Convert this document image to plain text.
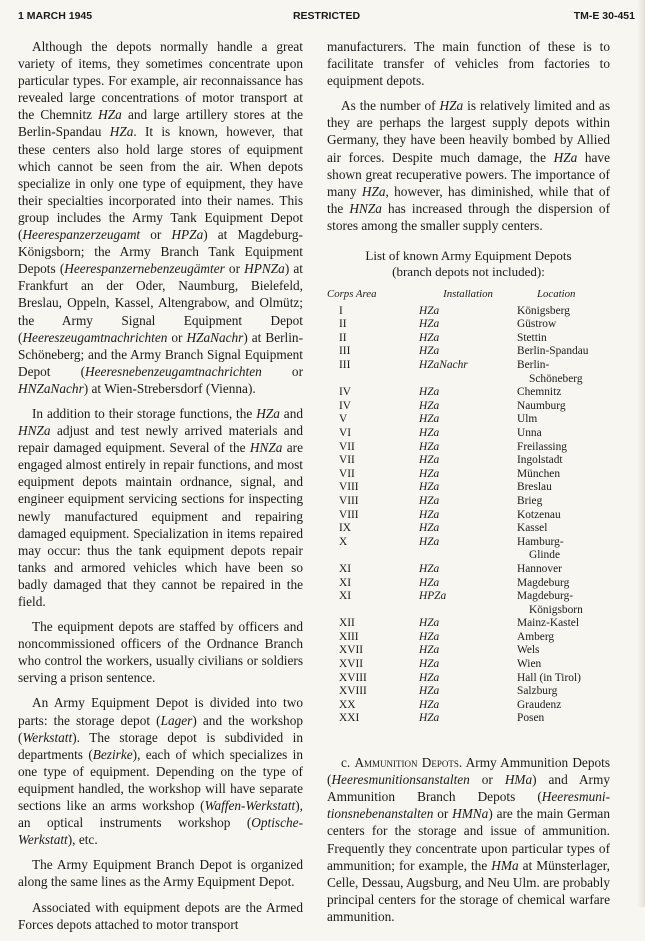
1 MARCH 1945	RESTRICTED	TM-E 30-451

Although the depots normally handle a great variety of items, they sometimes concentrate upon particular types. For example, air reconnaissance has revealed large concentrations of motor transport at the Chemnitz HZa and large artillery stores at the Berlin-Spandau HZa. It is known, however, that these centers also hold large stores of equipment which cannot be seen from the air. When depots specialize in only one type of equipment, they have their specialties incorporated into their names. This group includes the Army Tank Equipment Depot (Heerespanzerzeugamt or HPZa) at Magdeburg-Königsborn; the Army Branch Tank Equipment Depots (Heerespanzernebenzeugämter or HPNZa) at Frankfurt an der Oder, Naumburg, Bielefeld, Breslau, Oppeln, Kassel, Altengrabow, and Olmütz; the Army Signal Equipment Depot (Heereszeugamtnachrichten or HZaNachr) at Berlin-Schöneberg; and the Army Branch Signal Equipment Depot (Heeresnebenzeugamtnachrichten or HNZaNachr) at Wien-Strebersdorf (Vienna).

In addition to their storage functions, the HZa and HNZa adjust and test newly arrived materials and repair damaged equipment. Several of the HNZa are engaged almost entirely in repair functions, and most equipment depots maintain ordnance, signal, and engineer equipment servicing sections for inspecting newly manufactured equipment and repairing damaged equipment. Specialization in items repaired may occur: thus the tank equipment depots repair tanks and armored vehicles which have been so badly damaged that they cannot be repaired in the field.

The equipment depots are staffed by officers and noncommissioned officers of the Ordnance Branch who control the workers, usually civilians or soldiers serving a prison sentence.

An Army Equipment Depot is divided into two parts: the storage depot (Lager) and the workshop (Werkstatt). The storage depot is subdivided in departments (Bezirke), each of which specializes in one type of equipment. Depending on the type of equipment handled, the workshop will have separate sections like an arms workshop (Waffen-Werkstatt), an optical instruments workshop (Optische-Werkstatt), etc.

The Army Equipment Branch Depot is organized along the same lines as the Army Equipment Depot.

Associated with equipment depots are the Armed Forces depots attached to motor transport

manufacturers. The main function of these is to facilitate transfer of vehicles from factories to equipment depots.

As the number of HZa is relatively limited and as they are perhaps the largest supply depots within Germany, they have been heavily bombed by Allied air forces. Despite much damage, the HZa have shown great recuperative powers. The importance of many HZa, however, has diminished, while that of the HNZa has increased through the dispersion of stores among the smaller supply centers.

List of known Army Equipment Depots
(branch depots not included):
Corps Area	Installation	Location
I	HZa	Königsberg

II	HZa	Güstrow

II	HZa	Stettin

III	HZa	Berlin-Spandau

III	HZaNachr	Berlin-
Schöneberg

IV	HZa	Chemnitz

IV	HZa	Naumburg

V	HZa	Ulm

VI	HZa	Unna

VII	HZa	Freilassing

VII	HZa	Ingolstadt

VII	HZa	München

VIII	HZa	Breslau

VIII	HZa	Brieg

VIII	HZa	Kotzenau

IX	HZa	Kassel

X	HZa	Hamburg-
Glinde

XI	HZa	Hannover

XI	HZa	Magdeburg

XI	HPZa	Magdeburg-
Königsborn

XII	HZa	Mainz-Kastel

XIII	HZa	Amberg

XVII	HZa	Wels

XVII	HZa	Wien

XVIII	HZa	Hall (in Tirol)

XVIII	HZa	Salzburg

XX	HZa	Graudenz

XXI	HZa	Posen

c. Ammunition Depots. Army Ammunition Depots (Heeresmunitionsanstalten or HMa) and Army Ammunition Branch Depots (Heeresmunitionsnebenanstalten or HMNa) are the main German centers for the storage and issue of ammunition. Frequently they concentrate upon particular types of ammunition; for example, the HMa at Münsterlager, Celle, Dessau, Augsburg, and Neu Ulm. are probably principal centers for the storage of chemical warfare ammunition.
